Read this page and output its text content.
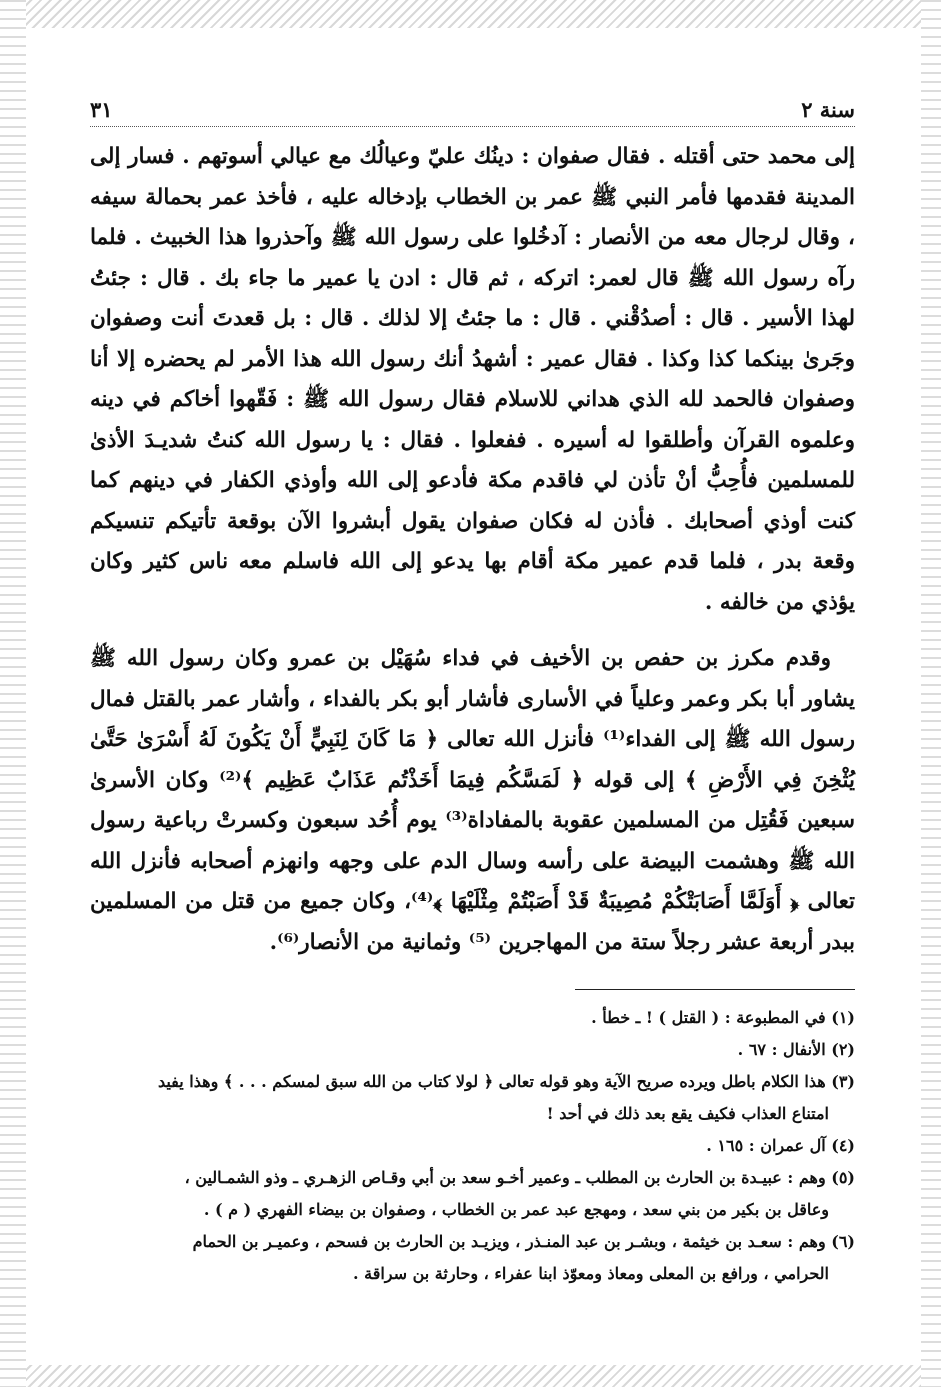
سنة ٢
٣١

إلى محمد حتى أقتله . فقال صفوان : دينُك عليّ وعيالُك مع عيالي أسوتهم . فسار إلى المدينة فقدمها فأمر النبي ﷺ عمر بن الخطاب بإدخاله عليه ، فأخذ عمر بحمالة سيفه ، وقال لرجال معه من الأنصار : آدخُلوا على رسول الله ﷺ وآحذروا هذا الخبيث . فلما رآه رسول الله ﷺ قال لعمر: اتركه ، ثم قال : ادن يا عمير ما جاء بك . قال : جئتُ لهذا الأسير . قال : أصدُقْني . قال : ما جئتُ إلا لذلك . قال : بل قعدتَ أنت وصفوان وجَرىٰ بينكما كذا وكذا . فقال عمير : أشهدُ أنك رسول الله هذا الأمر لم يحضره إلا أنا وصفوان فالحمد لله الذي هداني للاسلام فقال رسول الله ﷺ : فَقّهوا أخاكم في دينه وعلموه القرآن وأطلقوا له أسيره . ففعلوا . فقال : يا رسول الله كنتُ شديـدَ الأذىٰ للمسلمين فأُحِبُّ أنْ تأذن لي فاقدم مكة فأدعو إلى الله وأوذي الكفار في دينهم كما كنت أوذي أصحابك . فأذن له فكان صفوان يقول أبشروا الآن بوقعة تأتيكم تنسيكم وقعة بدر ، فلما قدم عمير مكة أقام بها يدعو إلى الله فاسلم معه ناس كثير وكان يؤذي من خالفه .

وقدم مكرز بن حفص بن الأخيف في فداء سُهَيْل بن عمرو وكان رسول الله ﷺ يشاور أبا بكر وعمر وعلياً في الأسارى فأشار أبو بكر بالفداء ، وأشار عمر بالقتل فمال رسول الله ﷺ إلى الفداء⁽¹⁾ فأنزل الله تعالى ﴿ مَا كَانَ لِنَبِيٍّ أَنْ يَكُونَ لَهُ أَسْرَىٰ حَتَّىٰ يُثْخِنَ فِي الأَرْضِ ﴾ إلى قوله ﴿ لَمَسَّكُم فِيمَا أَخَذْتُم عَذَابٌ عَظِيم ﴾⁽²⁾ وكان الأسرىٰ سبعين فَقُتِل من المسلمين عقوبة بالمفاداة⁽³⁾ يوم أُحُد سبعون وكسرتْ رباعية رسول الله ﷺ وهشمت البيضة على رأسه وسال الدم على وجهه وانهزم أصحابه فأنزل الله تعالى ﴿ أَوَلَمَّا أَصَابَتْكُمْ مُصِيبَةٌ قَدْ أَصَبْتُمْ مِثْلَيْهَا ﴾⁽⁴⁾، وكان جميع من قتل من المسلمين ببدر أربعة عشر رجلاً ستة من المهاجرين ⁽⁵⁾ وثمانية من الأنصار⁽⁶⁾.

(١) في المطبوعة : ( القتل ) ! ـ خطأ .
(٢) الأنفال : ٦٧ .
(٣) هذا الكلام باطل ويرده صريح الآية وهو قوله تعالى ﴿ لولا كتاب من الله سبق لمسكم . . . ﴾ وهذا يفيد
امتناع العذاب فكيف يقع بعد ذلك في أحد !
(٤) آل عمران : ١٦٥ .
(٥) وهم : عبيـدة بن الحارث بن المطلب ـ وعمير أخـو سعد بن أبي وقـاص الزهـري ـ وذو الشمـالين ،
وعاقل بن بكير من بني سعد ، ومهجع عبد عمر بن الخطاب ، وصفوان بن بيضاء الفهري ( م ) .
(٦) وهم : سعـد بن خيثمة ، وبشـر بن عبد المنـذر ، ويزيـد بن الحارث بن فسحم ، وعميـر بن الحمام
الحرامي ، ورافع بن المعلى ومعاذ ومعوّذ ابنا عفراء ، وحارثة بن سراقة .
